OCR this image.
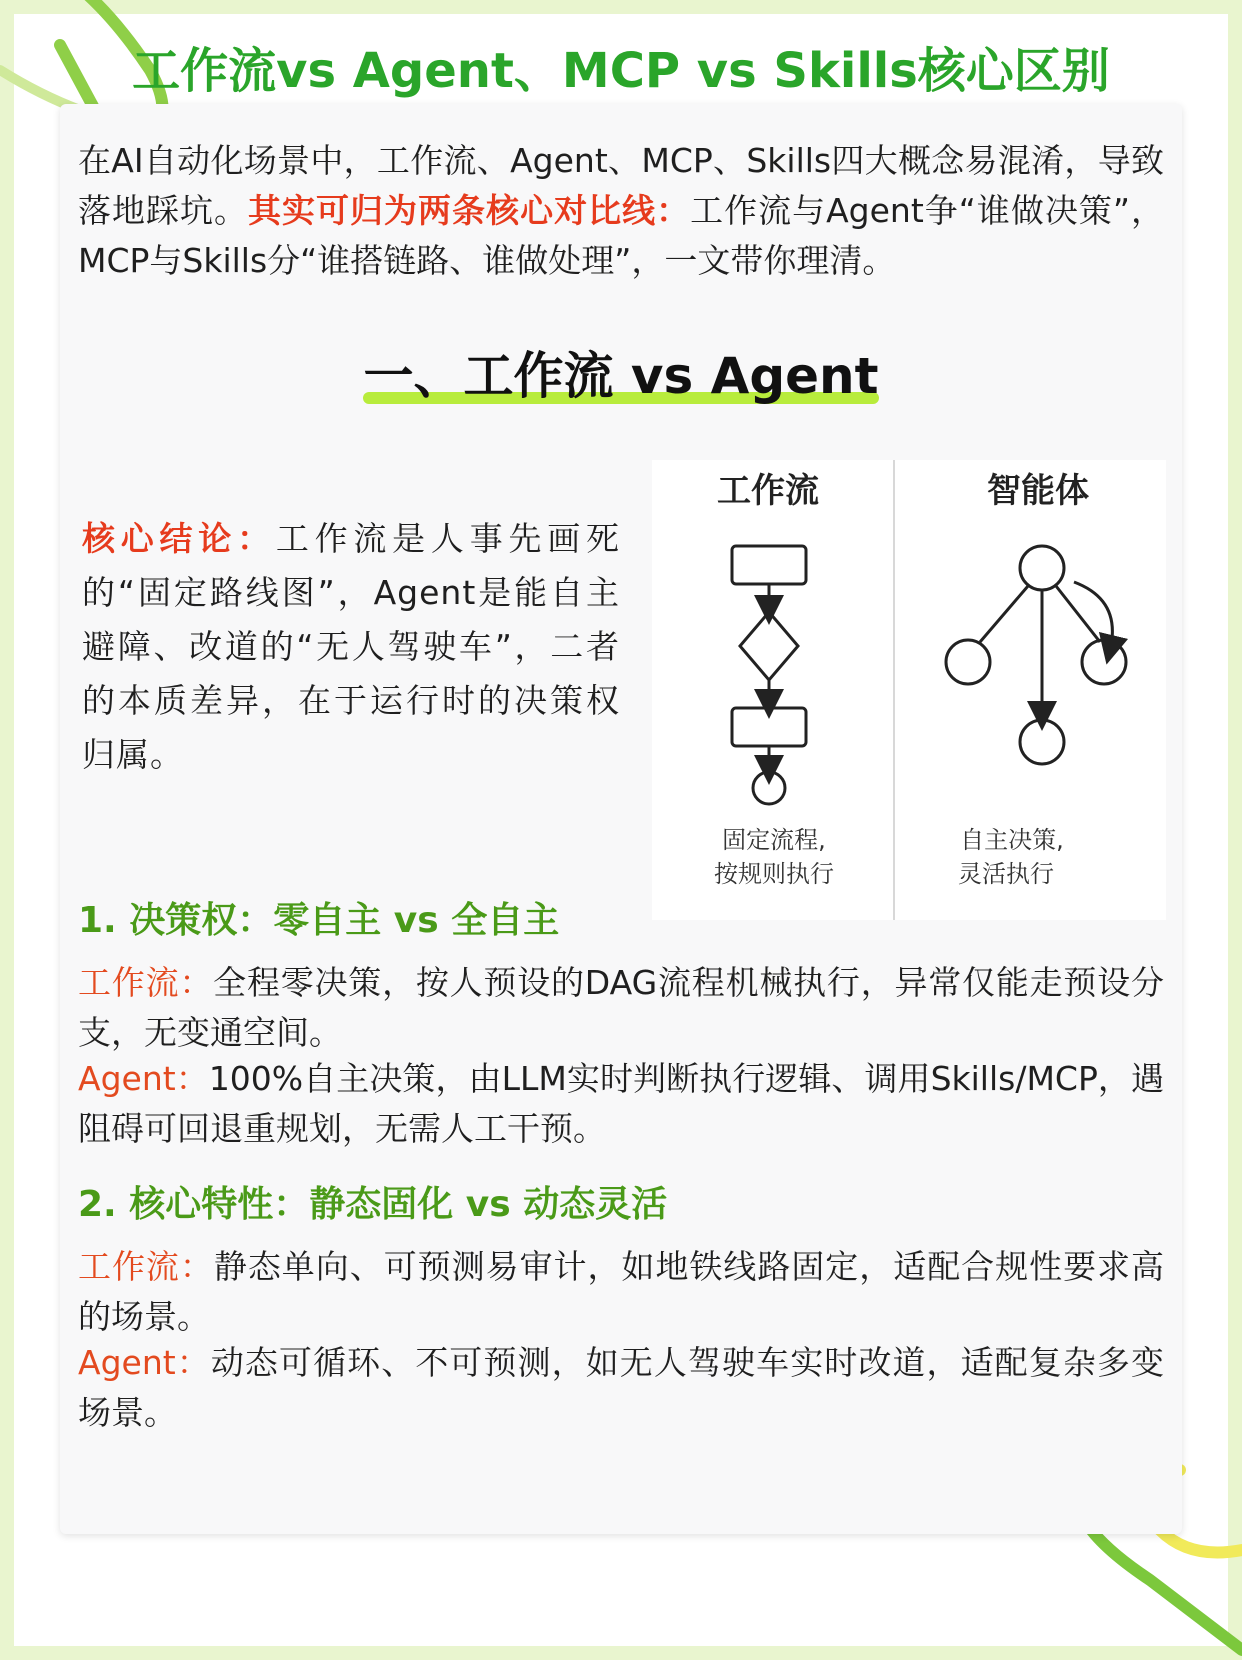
工作流vs Agent、MCP vs Skills核心区别

在AI自动化场景中，工作流、Agent、MCP、Skills四大概念易混淆，导致落地踩坑。其实可归为两条核心对比线：工作流与Agent争“谁做决策”，MCP与Skills分“谁搭链路、谁做处理”，一文带你理清。

一、工作流 vs Agent

核心结论：工作流是人事先画死的“固定路线图”，Agent是能自主避障、改道的“无人驾驶车”，二者的本质差异，在于运行时的决策权归属。

工作流	智能体
固定流程,
按规则执行
自主决策,
灵活执行
1. 决策权：零自主 vs 全自主

工作流：全程零决策，按人预设的DAG流程机械执行，异常仅能走预设分支，无变通空间。

Agent：100%自主决策，由LLM实时判断执行逻辑、调用Skills/MCP，遇阻碍可回退重规划，无需人工干预。

2. 核心特性：静态固化 vs 动态灵活

工作流：静态单向、可预测易审计，如地铁线路固定，适配合规性要求高的场景。

Agent：动态可循环、不可预测，如无人驾驶车实时改道，适配复杂多变场景。
